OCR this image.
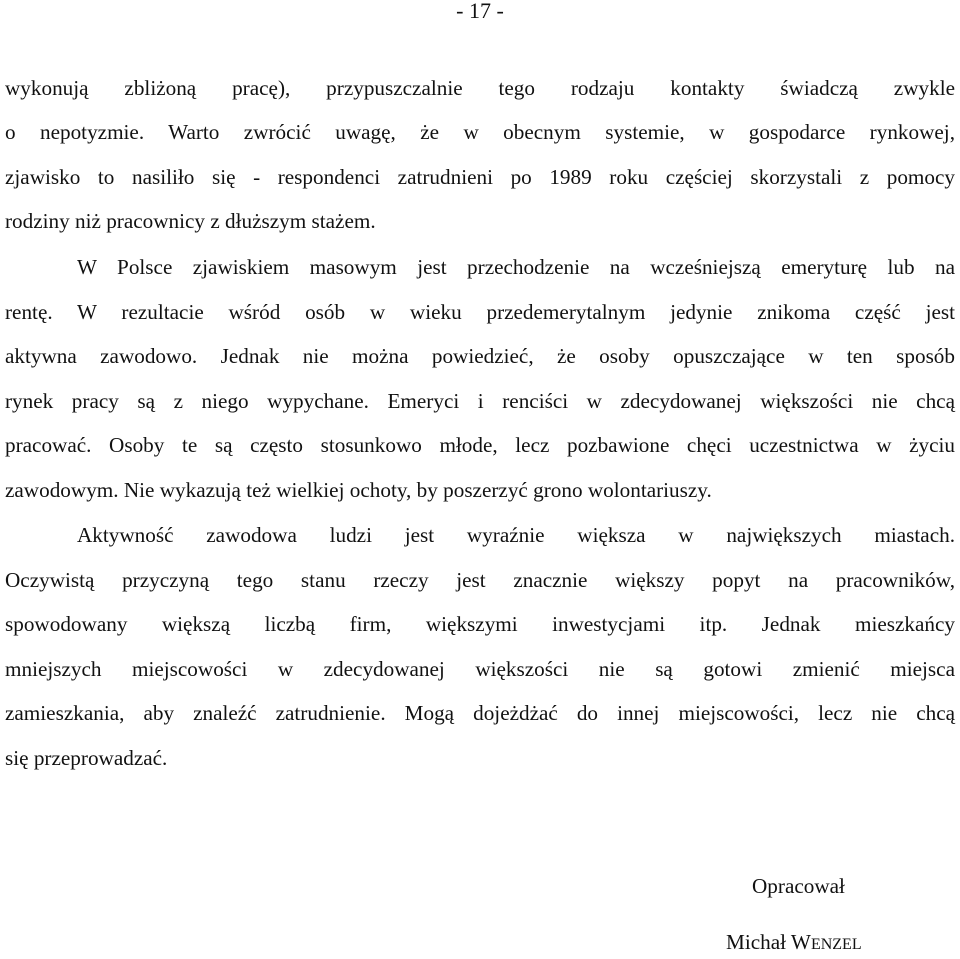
- 17 -
wykonują zbliżoną pracę), przypuszczalnie tego rodzaju kontakty świadczą zwykle
o nepotyzmie. Warto zwrócić uwagę, że w obecnym systemie, w gospodarce rynkowej,
zjawisko to nasiliło się - respondenci zatrudnieni po 1989 roku częściej skorzystali z pomocy
rodziny niż pracownicy z dłuższym stażem.
W Polsce zjawiskiem masowym jest przechodzenie na wcześniejszą emeryturę lub na
rentę. W rezultacie wśród osób w wieku przedemerytalnym jedynie znikoma część jest
aktywna zawodowo. Jednak nie można powiedzieć, że osoby opuszczające w ten sposób
rynek pracy są z niego wypychane. Emeryci i renciści w zdecydowanej większości nie chcą
pracować. Osoby te są często stosunkowo młode, lecz pozbawione chęci uczestnictwa w życiu
zawodowym. Nie wykazują też wielkiej ochoty, by poszerzyć grono wolontariuszy.
Aktywność zawodowa ludzi jest wyraźnie większa w największych miastach.
Oczywistą przyczyną tego stanu rzeczy jest znacznie większy popyt na pracowników,
spowodowany większą liczbą firm, większymi inwestycjami itp. Jednak mieszkańcy
mniejszych miejscowości w zdecydowanej większości nie są gotowi zmienić miejsca
zamieszkania, aby znaleźć zatrudnienie. Mogą dojeżdżać do innej miejscowości, lecz nie chcą
się przeprowadzać.
Opracował
Michał WENZEL
